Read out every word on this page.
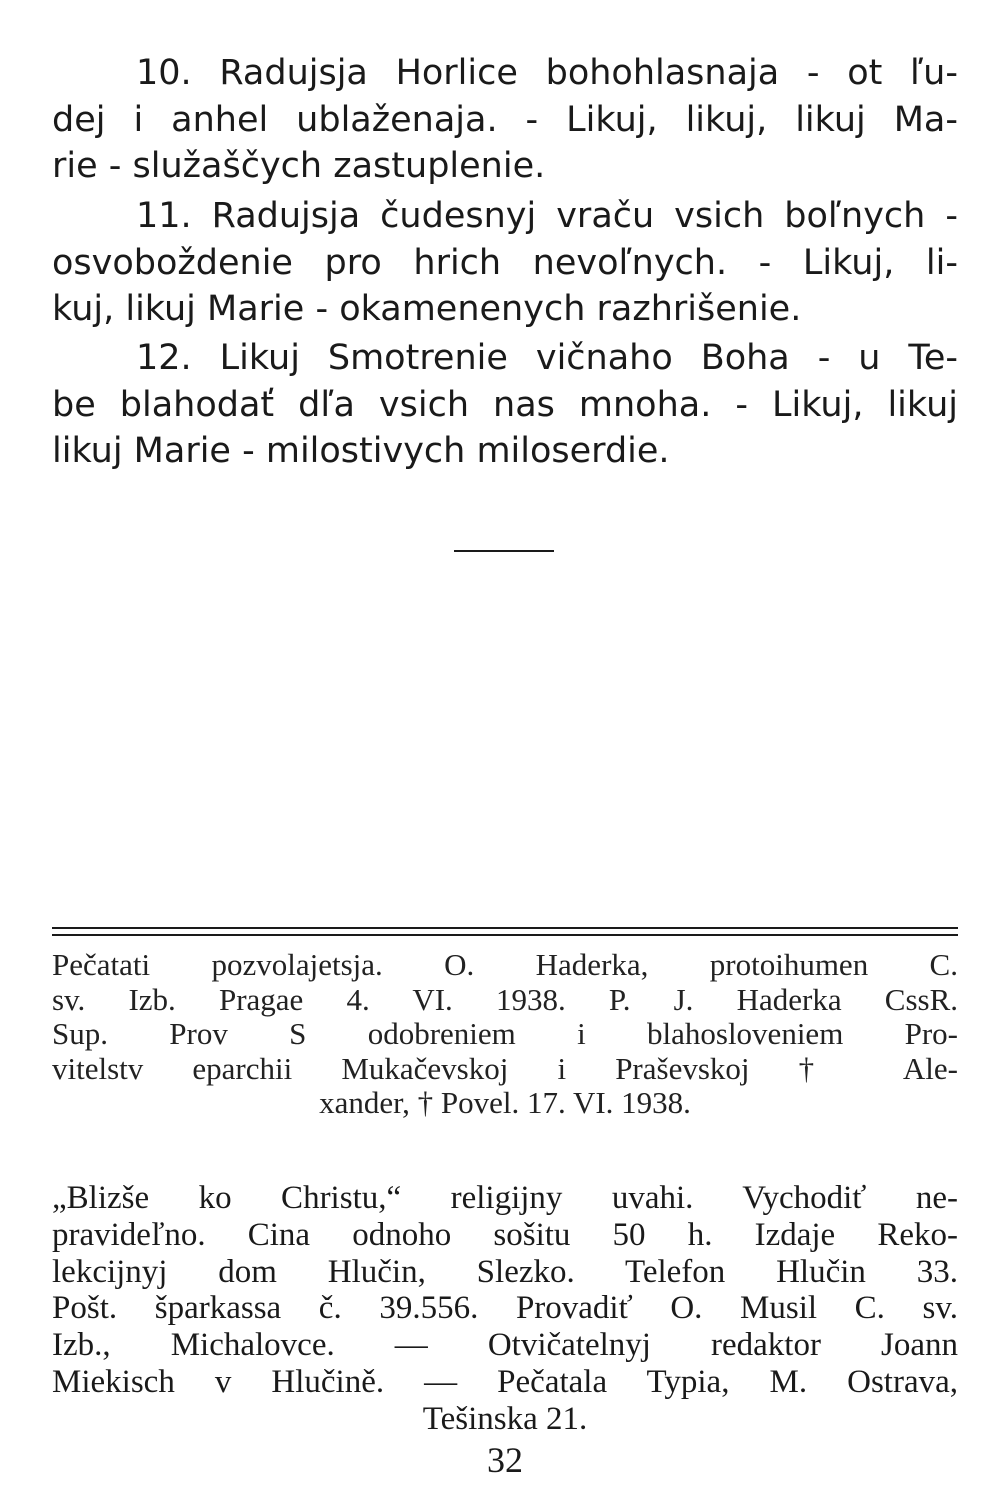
10. Radujsja Horlice bohohlasnaja - ot ľu-
dej i anhel ublaženaja. - Likuj, likuj, likuj Ma-
rie - služaščych zastuplenie.
11. Radujsja čudesnyj vraču vsich boľnych -
osvoboždenie pro hrich nevoľnych. - Likuj, li-
kuj, likuj Marie - okamenenych razhrišenie.
12. Likuj Smotrenie vičnaho Boha - u Te-
be blahodať dľa vsich nas mnoha. - Likuj, likuj
likuj Marie - milostivych miloserdie.
Pečatati pozvolajetsja. O. Haderka, protoihumen C.
sv. Izb. Pragae 4. VI. 1938. P. J. Haderka CssR.
Sup. Prov S odobreniem i blahosloveniem Pro-
vitelstv eparchii Mukačevskoj i Praševskoj † Ale-
xander, † Povel. 17. VI. 1938.
„Blizše ko Christu,“ religijny uvahi. Vychodiť ne-
pravideľno. Cina odnoho sošitu 50 h. Izdaje Reko-
lekcijnyj dom Hlučin, Slezko. Telefon Hlučin 33.
Pošt. šparkassa č. 39.556. Provadiť O. Musil C. sv.
Izb., Michalovce. — Otvičatelnyj redaktor Joann
Miekisch v Hlučině. — Pečatala Typia, M. Ostrava,
Tešinska 21.
32
